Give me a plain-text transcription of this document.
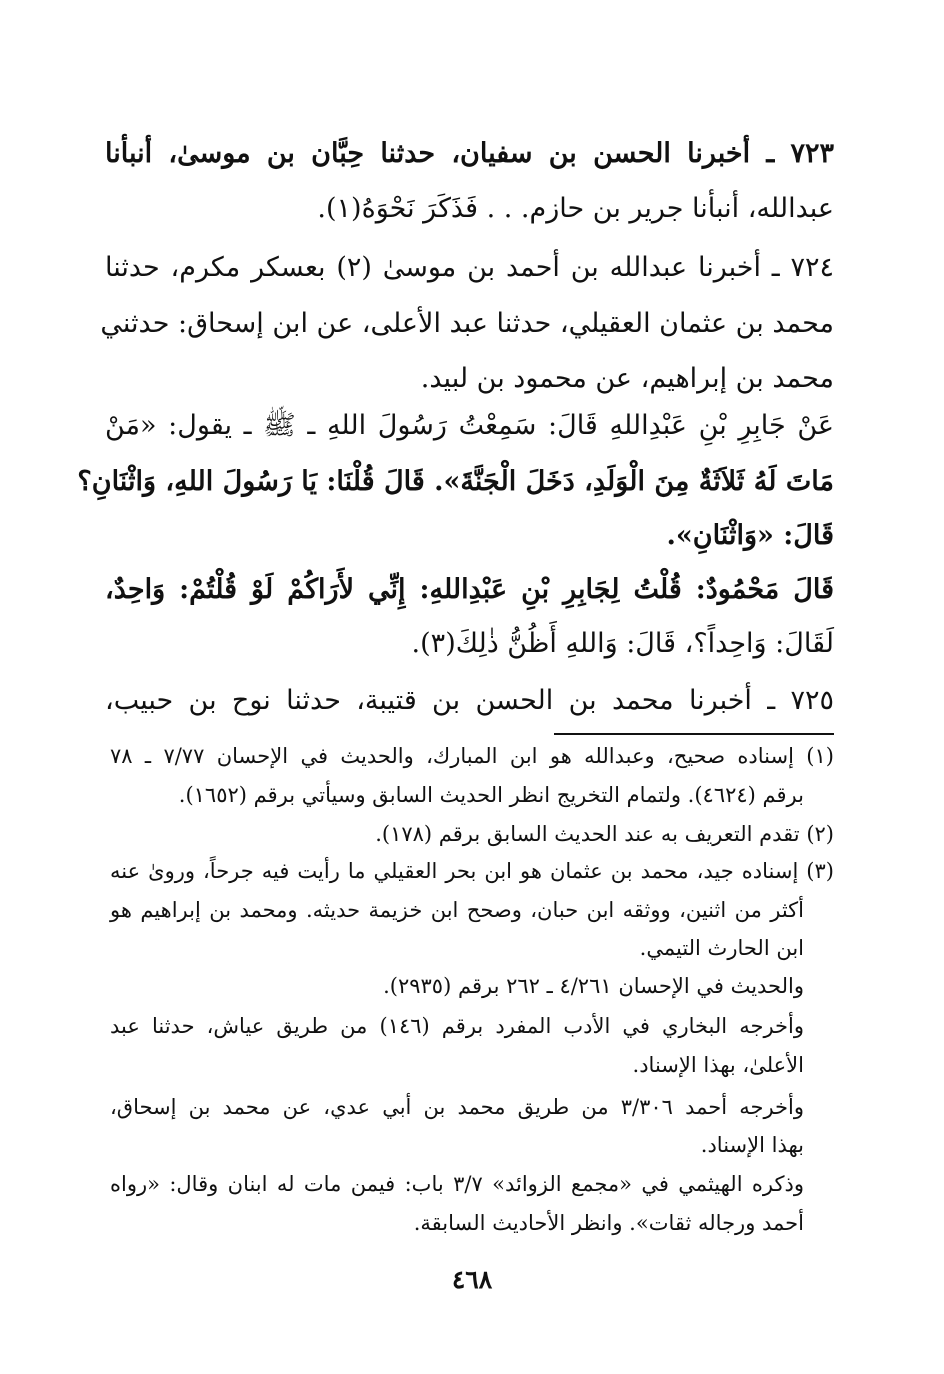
٧٢٣ ـ أخبرنا الحسن بن سفيان، حدثنا حِبَّان بن موسىٰ، أنبأنا
عبدالله، أنبأنا جرير بن حازم. . . فَذَكَرَ نَحْوَهُ(١).
٧٢٤ ـ أخبرنا عبدالله بن أحمد بن موسىٰ (٢) بعسكر مكرم، حدثنا
محمد بن عثمان العقيلي، حدثنا عبد الأعلى، عن ابن إسحاق: حدثني
محمد بن إبراهيم، عن محمود بن لبيد.
عَنْ جَابِرِ بْنِ عَبْدِاللهِ قَالَ: سَمِعْتُ رَسُولَ اللهِ ـ ﷺ ـ يقول: «مَنْ
مَاتَ لَهُ ثَلاَثَةٌ مِنَ الْوَلَدِ، دَخَلَ الْجَنَّةَ». قَالَ قُلْنَا: يَا رَسُولَ اللهِ، وَاثْنَانِ؟
قَالَ: «وَاثْنَانِ».
قَالَ مَحْمُودٌ: قُلْتُ لِجَابِرِ بْنِ عَبْدِاللهِ: إِنِّي لأَرَاكُمْ لَوْ قُلْتُمْ: وَاحِدٌ،
لَقَالَ: وَاحِداً؟، قَالَ: وَاللهِ أَظُنُّ ذٰلِكَ(٣).
٧٢٥ ـ أخبرنا محمد بن الحسن بن قتيبة، حدثنا نوح بن حبيب،
(١) إسناده صحيح، وعبدالله هو ابن المبارك، والحديث في الإحسان ٧/٧٧ ـ ٧٨
برقم (٤٦٢٤). ولتمام التخريج انظر الحديث السابق وسيأتي برقم (١٦٥٢).
(٢) تقدم التعريف به عند الحديث السابق برقم (١٧٨).
(٣) إسناده جيد، محمد بن عثمان هو ابن بحر العقيلي ما رأيت فيه جرحاً، وروىٰ عنه
أكثر من اثنين، ووثقه ابن حبان، وصحح ابن خزيمة حديثه. ومحمد بن إبراهيم هو
ابن الحارث التيمي.
والحديث في الإحسان ٤/٢٦١ ـ ٢٦٢ برقم (٢٩٣٥).
وأخرجه البخاري في الأدب المفرد برقم (١٤٦) من طريق عياش، حدثنا عبد
الأعلىٰ، بهذا الإسناد.
وأخرجه أحمد ٣/٣٠٦ من طريق محمد بن أبي عدي، عن محمد بن إسحاق،
بهذا الإسناد.
وذكره الهيثمي في «مجمع الزوائد» ٣/٧ باب: فيمن مات له ابنان وقال: «رواه
أحمد ورجاله ثقات». وانظر الأحاديث السابقة.
٤٦٨
